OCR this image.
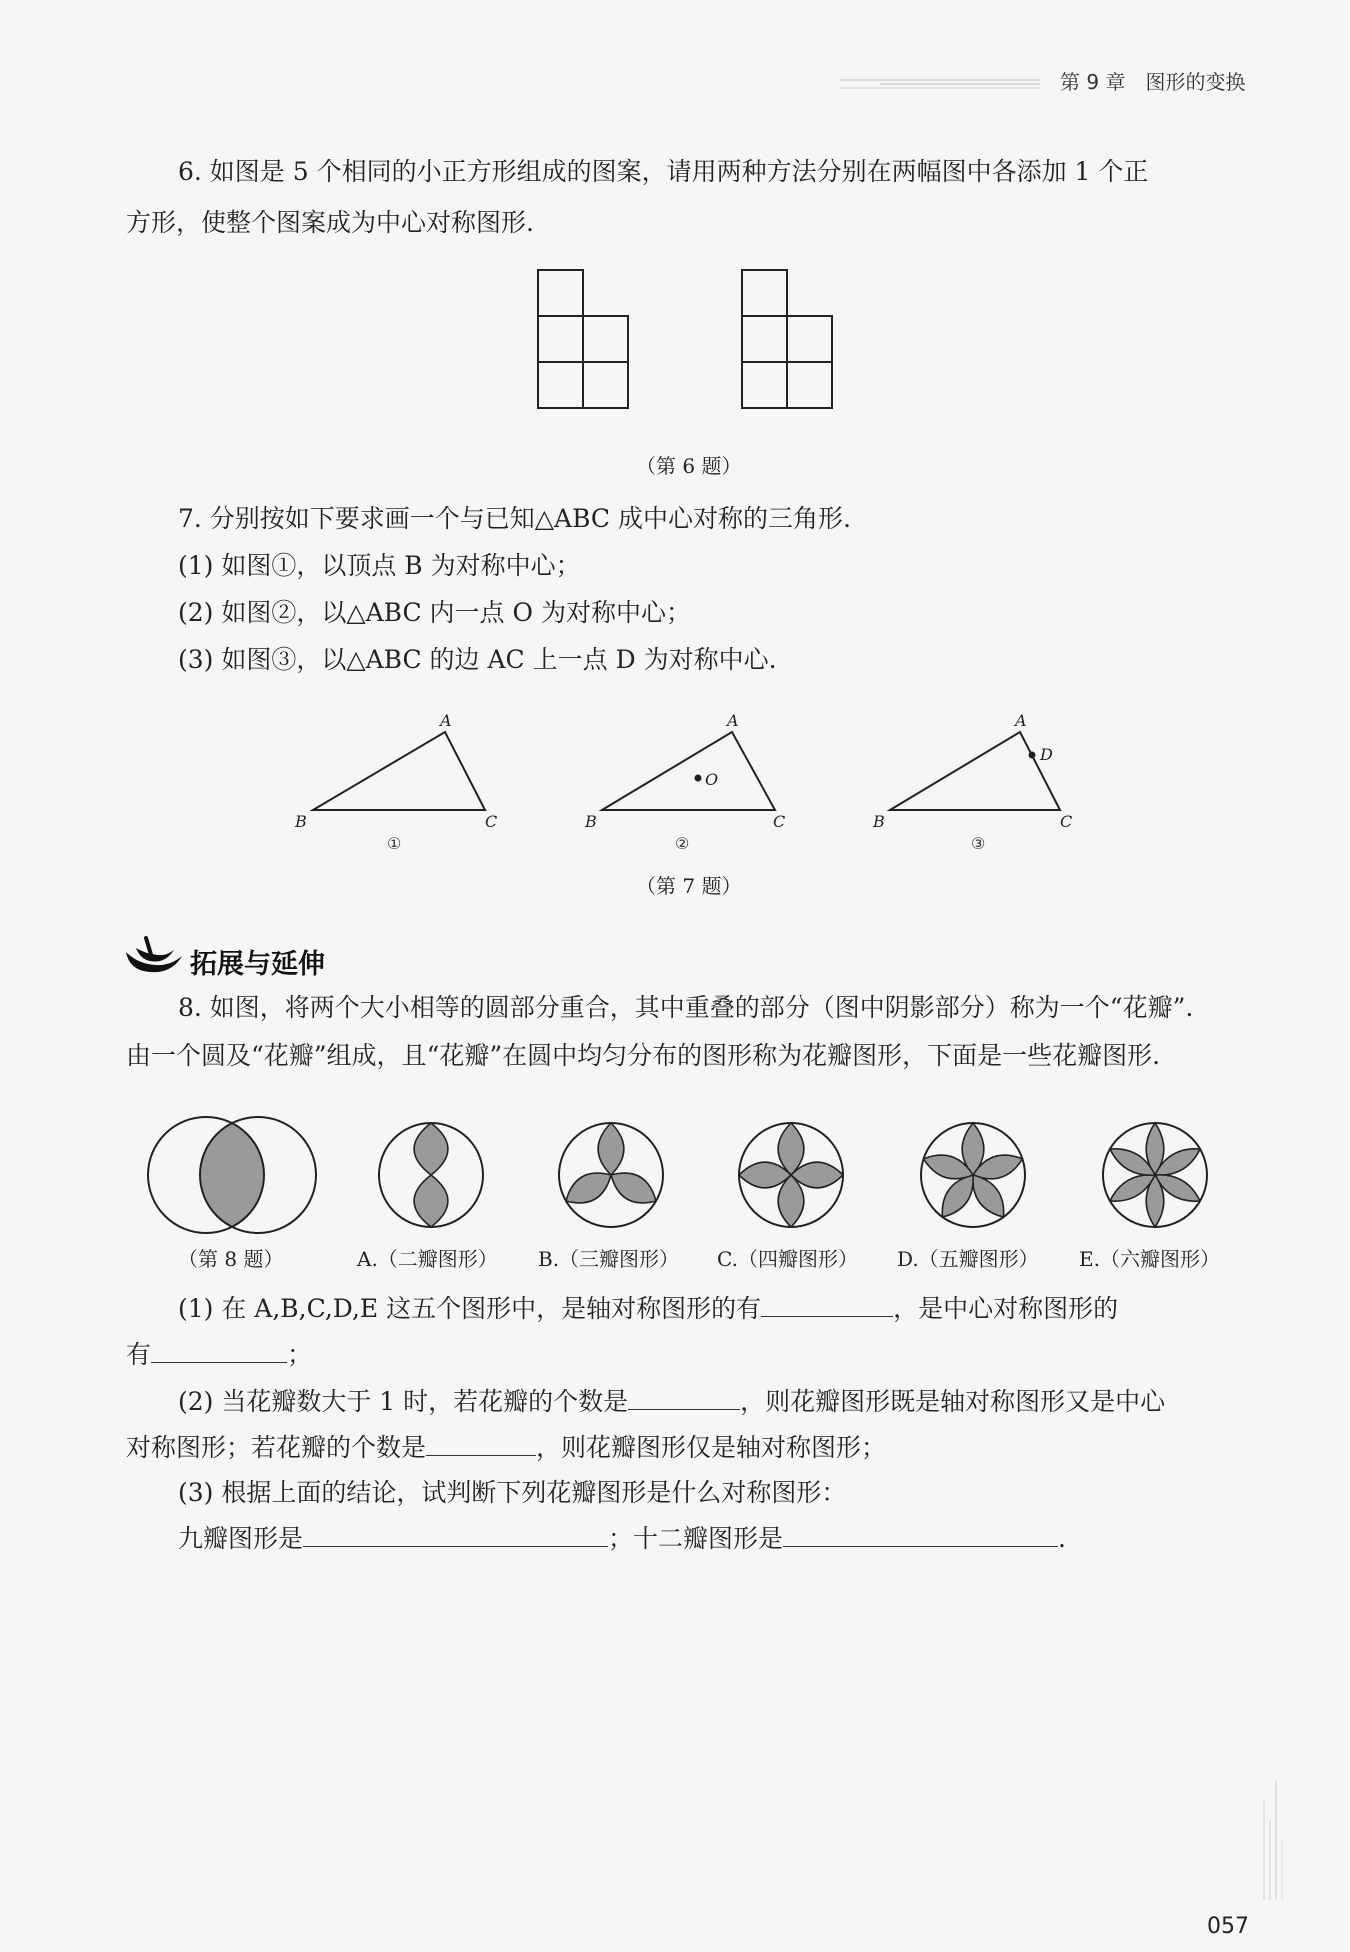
第 9 章　图形的变换
6. 如图是 5 个相同的小正方形组成的图案，请用两种方法分别在两幅图中各添加 1 个正
方形，使整个图案成为中心对称图形.
（第 6 题）
7. 分别按如下要求画一个与已知△ABC 成中心对称的三角形.
(1) 如图①，以顶点 B 为对称中心；
(2) 如图②，以△ABC 内一点 O 为对称中心；
(3) 如图③，以△ABC 的边 AC 上一点 D 为对称中心.
A
B	C
A
B	C
O
A
B	C
D
①	②	③
（第 7 题）
拓展与延伸
8. 如图，将两个大小相等的圆部分重合，其中重叠的部分（图中阴影部分）称为一个“花瓣”.
由一个圆及“花瓣”组成，且“花瓣”在圆中均匀分布的图形称为花瓣图形，下面是一些花瓣图形.
（第 8 题）	A.（二瓣图形） B.（三瓣图形） C.（四瓣图形） D.（五瓣图形） E.（六瓣图形）
(1) 在 A,B,C,D,E 这五个图形中，是轴对称图形的有	，是中心对称图形的
有	；
(2) 当花瓣数大于 1 时，若花瓣的个数是	，则花瓣图形既是轴对称图形又是中心
对称图形；若花瓣的个数是	，则花瓣图形仅是轴对称图形；
(3) 根据上面的结论，试判断下列花瓣图形是什么对称图形：
九瓣图形是	；十二瓣图形是	.
057
